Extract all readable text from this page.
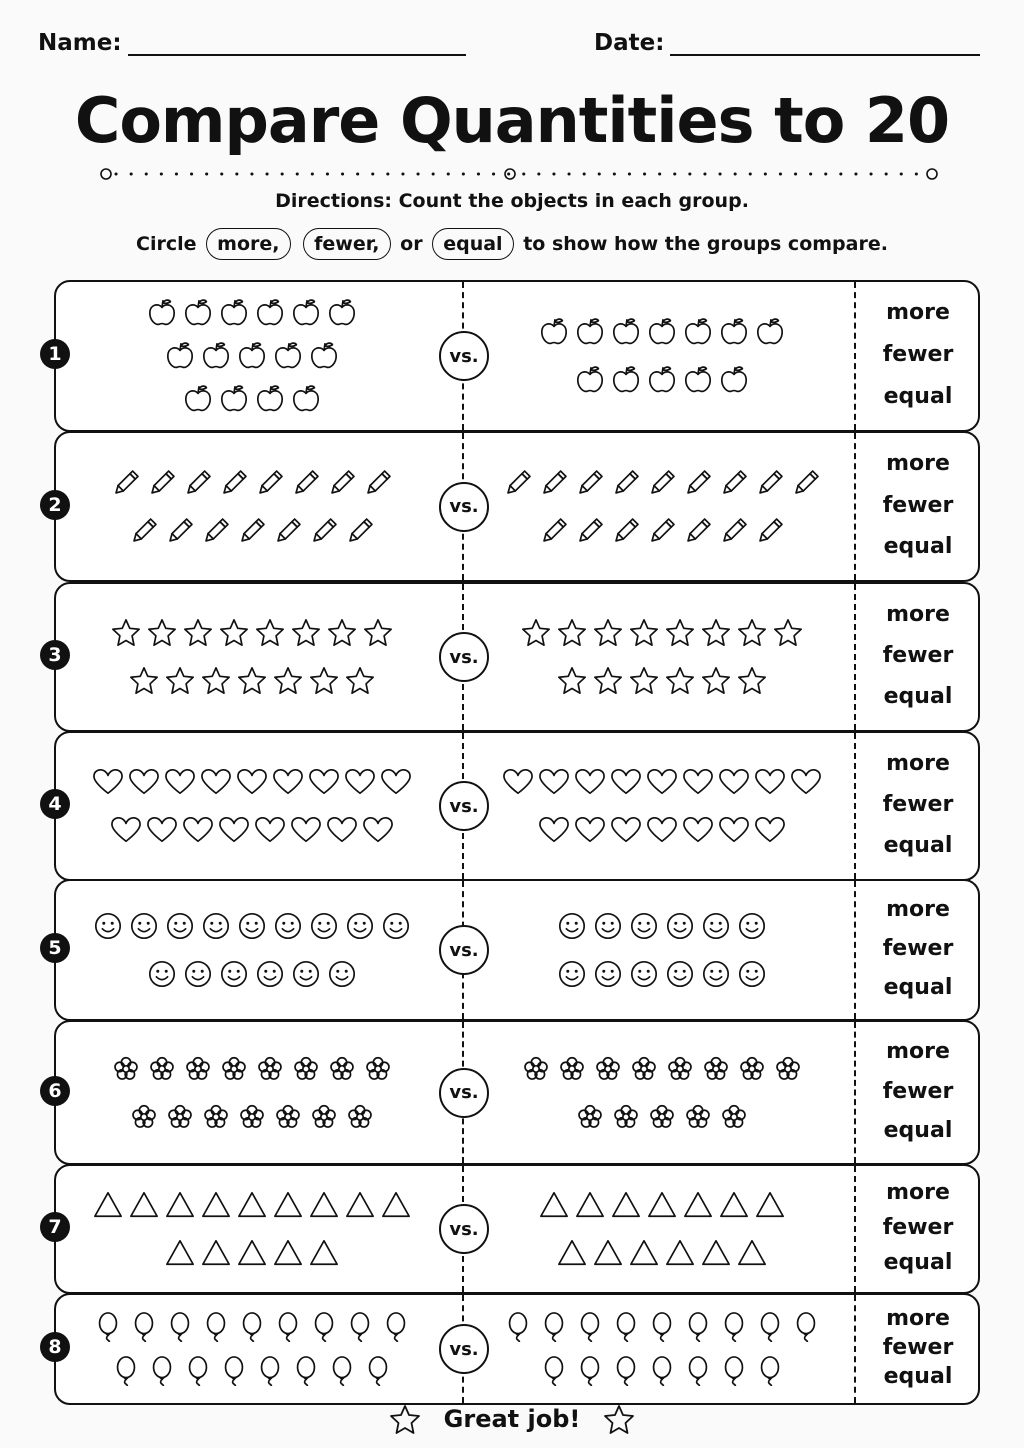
Name:	Date:
Compare Quantities to 20
Directions: Count the objects in each group.
Circle more, fewer, or equal to show how the groups compare.
1	vs.
more
fewer
equal
2	vs.
more
fewer
equal
3	vs.
more
fewer
equal
4	vs.
more
fewer
equal
5	vs.
more
fewer
equal
6	vs.
more
fewer
equal
7	vs.
more
fewer
equal
8	vs.
more
fewer
equal
Great job!
